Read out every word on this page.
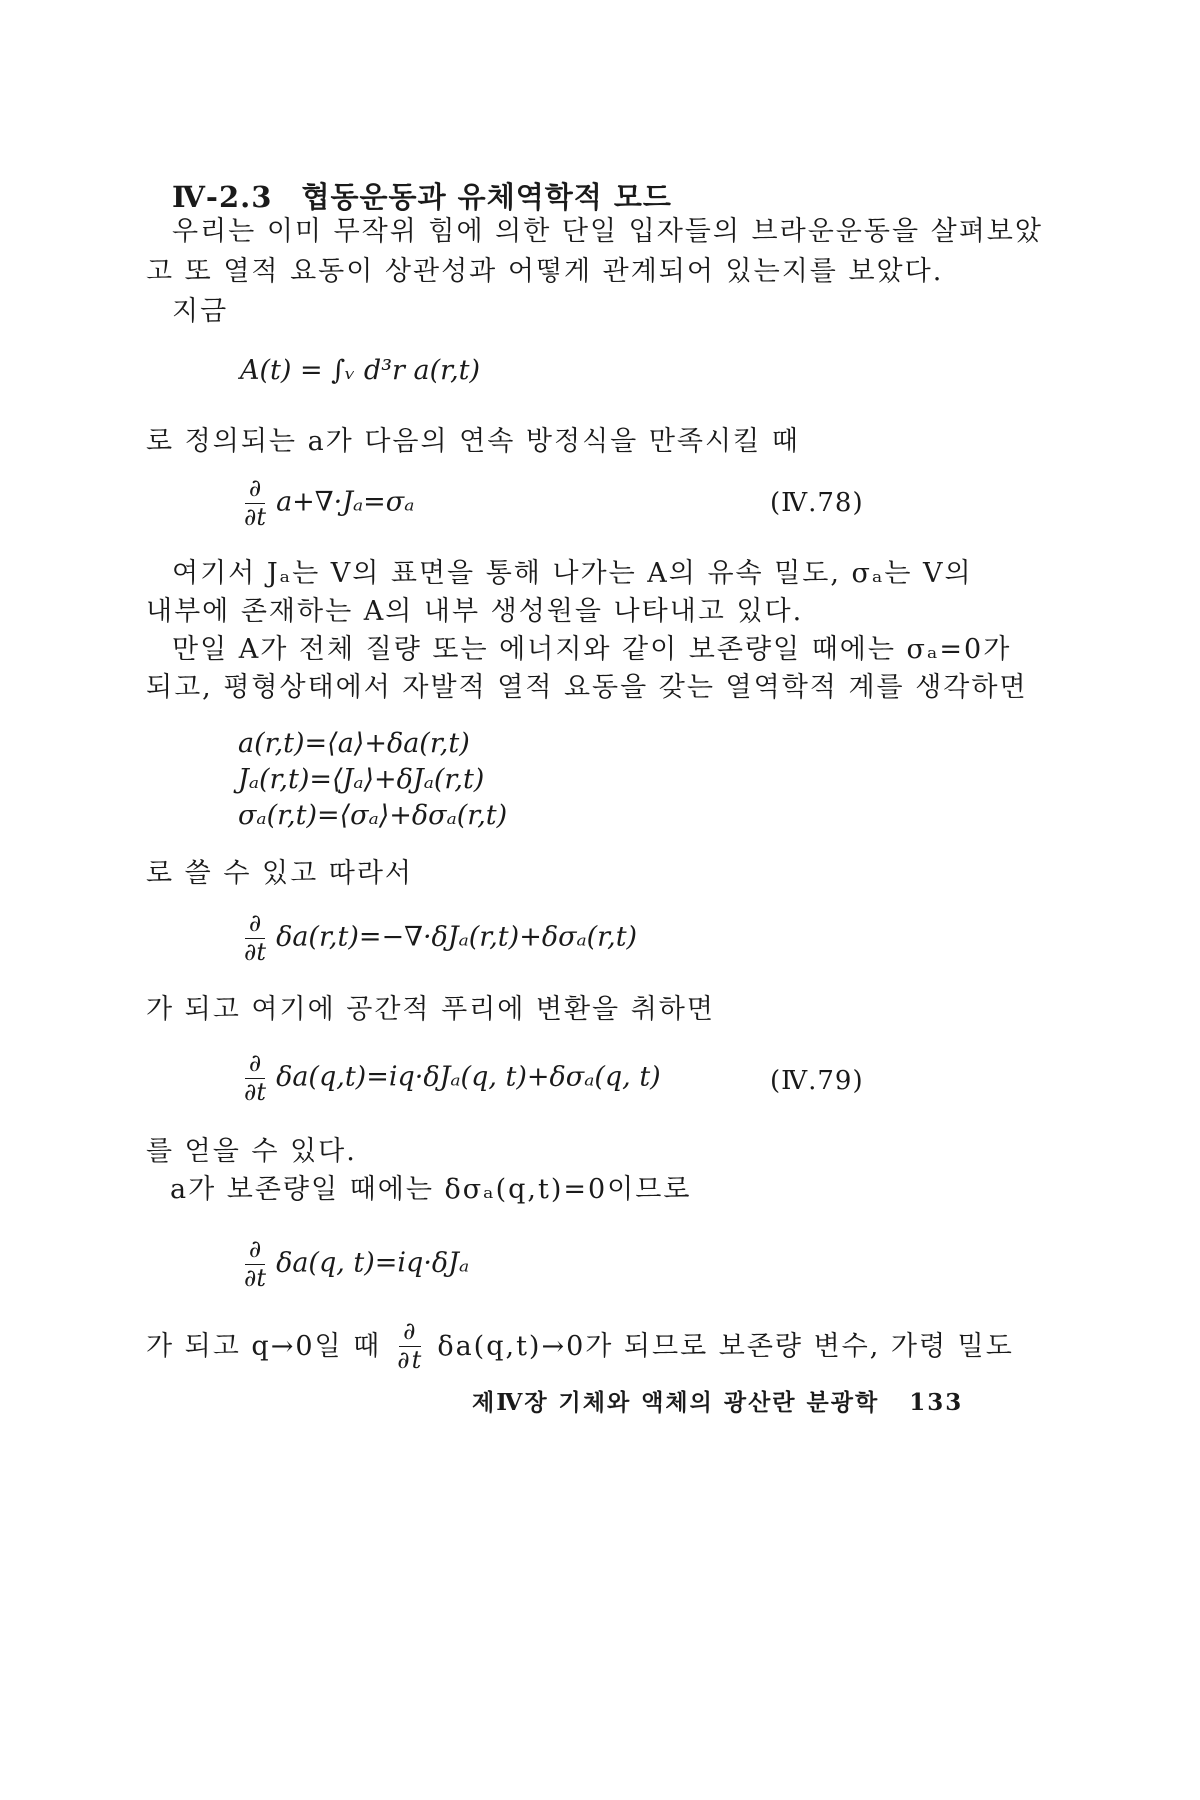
Ⅳ-2.3 협동운동과 유체역학적 모드
우리는 이미 무작위 힘에 의한 단일 입자들의 브라운운동을 살펴보았
고 또 열적 요동이 상관성과 어떻게 관계되어 있는지를 보았다.
지금
A(t) = ∫ᵥ d³r a(r,t)
로 정의되는 a가 다음의 연속 방정식을 만족시킬 때
$\frac{\partial}{\partial t} a+\nabla\cdot J_a=\sigma_a$	(Ⅳ.78)
여기서 Jₐ는 V의 표면을 통해 나가는 A의 유속 밀도, σₐ는 V의
내부에 존재하는 A의 내부 생성원을 나타내고 있다.
만일 A가 전체 질량 또는 에너지와 같이 보존량일 때에는 σₐ=0가
되고, 평형상태에서 자발적 열적 요동을 갖는 열역학적 계를 생각하면
a(r,t)=⟨a⟩+δa(r,t)
Jₐ(r,t)=⟨Jₐ⟩+δJₐ(r,t)
σₐ(r,t)=⟨σₐ⟩+δσₐ(r,t)
로 쓸 수 있고 따라서
$\frac{\partial}{\partial t} \delta a(r,t)=-\nabla\cdot\delta J_a(r,t)+\delta\sigma_a(r,t)$
가 되고 여기에 공간적 푸리에 변환을 취하면
$\frac{\partial}{\partial t} \delta a(q,t)=iq\cdot\delta J_a(q$, t)+δσₐ(q, t)	(Ⅳ.79)
를 얻을 수 있다.
a가 보존량일 때에는 δσₐ(q,t)=0이므로
$\frac{\partial}{\partial t} \delta a(q$, t)=iq·δJₐ
가 되고 q→0일 때 $\frac{\partial}{\partial t} \delta a(q,t)\to 0$가 되므로 보존량 변수, 가령 밀도
제Ⅳ장 기체와 액체의 광산란 분광학 133
